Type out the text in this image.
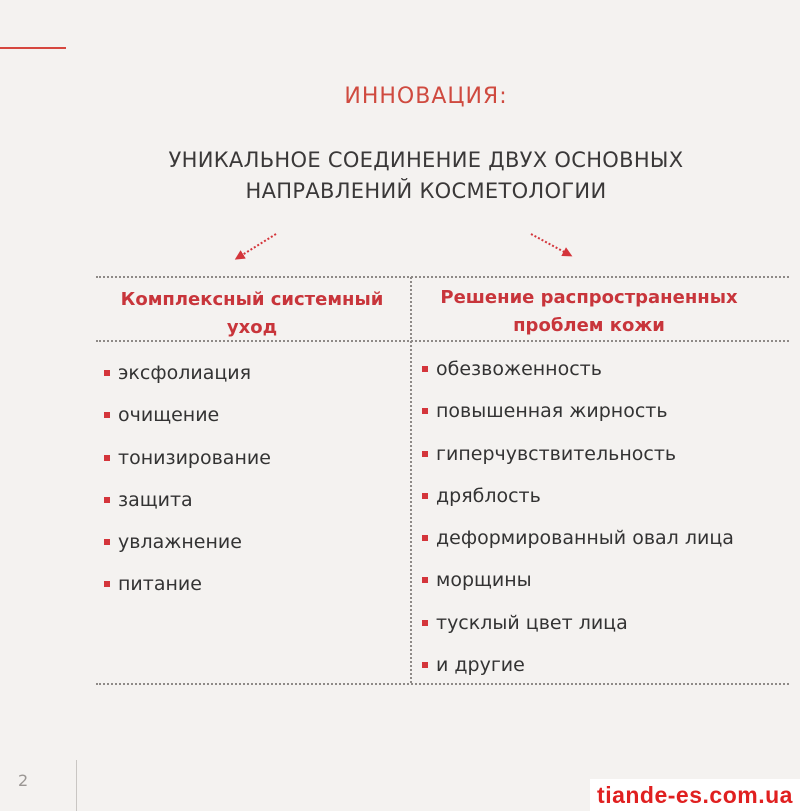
ИННОВАЦИЯ:
УНИКАЛЬНОЕ СОЕДИНЕНИЕ ДВУХ ОСНОВНЫХ
НАПРАВЛЕНИЙ КОСМЕТОЛОГИИ
Комплексный системный
уход
Решение распространенных
проблем кожи
эксфолиация
очищение
тонизирование
защита
увлажнение
питание
обезвоженность
повышенная жирность
гиперчувствительность
дряблость
деформированный овал лица
морщины
тусклый цвет лица
и другие
2
tiande-es.com.ua
